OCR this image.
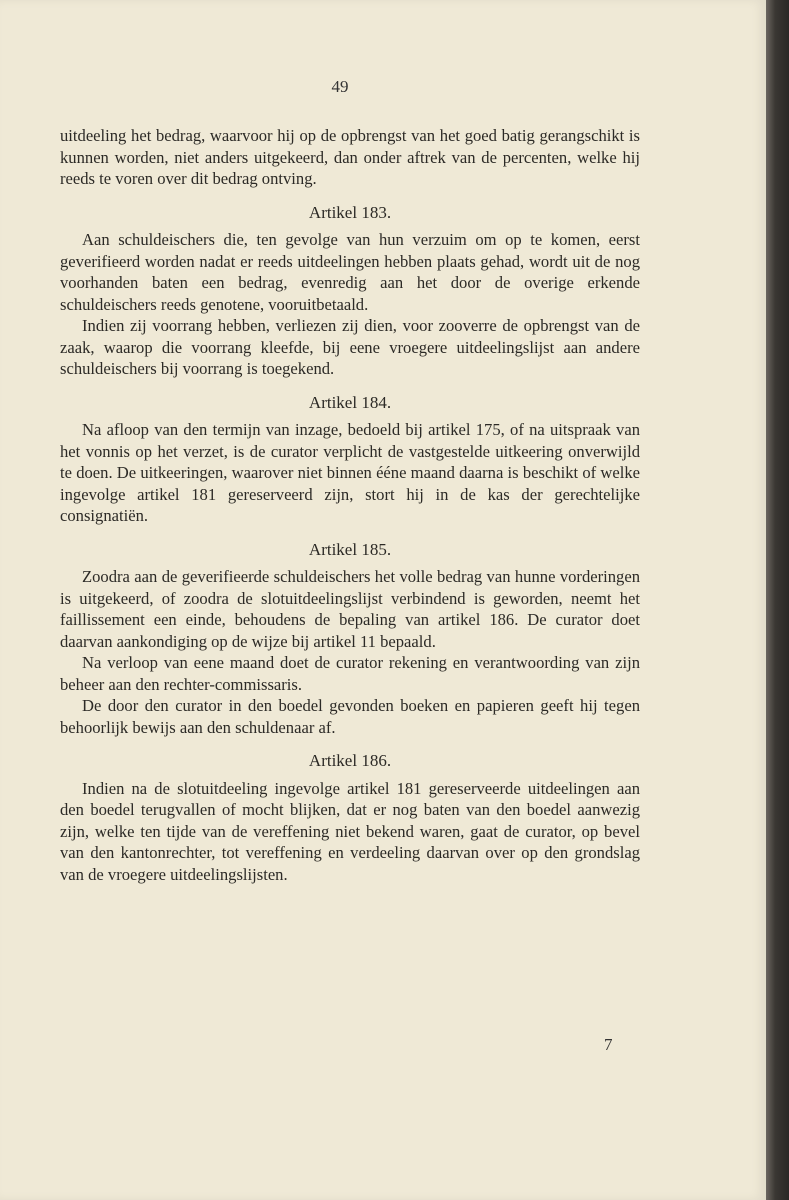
49

uitdeeling het bedrag, waarvoor hij op de opbrengst van het goed batig gerangschikt is kunnen worden, niet anders uitgekeerd, dan onder aftrek van de percenten, welke hij reeds te voren over dit bedrag ontving.

Artikel 183.

Aan schuldeischers die, ten gevolge van hun verzuim om op te komen, eerst geverifieerd worden nadat er reeds uitdeelingen hebben plaats gehad, wordt uit de nog voorhanden baten een bedrag, evenredig aan het door de overige erkende schuldeischers reeds genotene, vooruitbetaald.

Indien zij voorrang hebben, verliezen zij dien, voor zooverre de opbrengst van de zaak, waarop die voorrang kleefde, bij eene vroegere uitdeelingslijst aan andere schuldeischers bij voorrang is toegekend.

Artikel 184.

Na afloop van den termijn van inzage, bedoeld bij artikel 175, of na uitspraak van het vonnis op het verzet, is de curator verplicht de vastgestelde uitkeering onverwijld te doen. De uitkeeringen, waarover niet binnen ééne maand daarna is beschikt of welke ingevolge artikel 181 gereserveerd zijn, stort hij in de kas der gerechtelijke consignatiën.

Artikel 185.

Zoodra aan de geverifieerde schuldeischers het volle bedrag van hunne vorderingen is uitgekeerd, of zoodra de slotuitdeelingslijst verbindend is geworden, neemt het faillissement een einde, behoudens de bepaling van artikel 186. De curator doet daarvan aankondiging op de wijze bij artikel 11 bepaald.

Na verloop van eene maand doet de curator rekening en verantwoording van zijn beheer aan den rechter-commissaris.

De door den curator in den boedel gevonden boeken en papieren geeft hij tegen behoorlijk bewijs aan den schuldenaar af.

Artikel 186.

Indien na de slotuitdeeling ingevolge artikel 181 gereserveerde uitdeelingen aan den boedel terugvallen of mocht blijken, dat er nog baten van den boedel aanwezig zijn, welke ten tijde van de vereffening niet bekend waren, gaat de curator, op bevel van den kantonrechter, tot vereffening en verdeeling daarvan over op den grondslag van de vroegere uitdeelingslijsten.

7
